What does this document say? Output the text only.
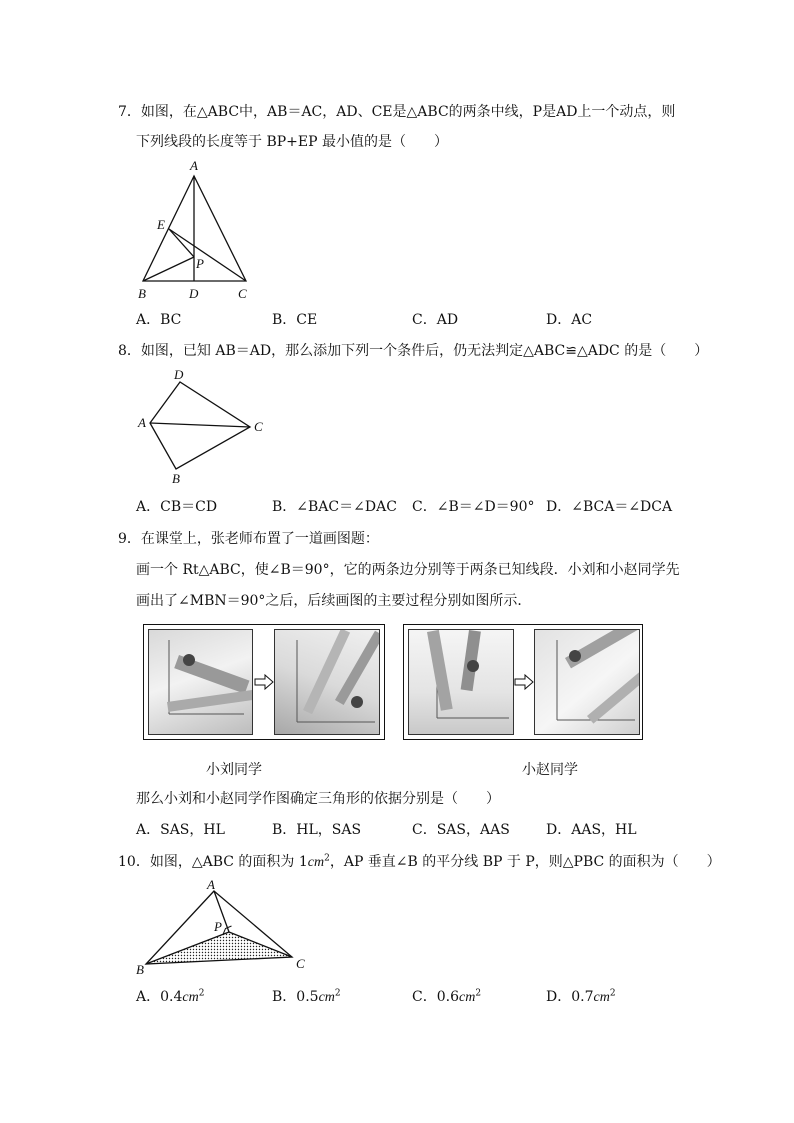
7．如图，在△ABC中，AB＝AC，AD、CE是△ABC的两条中线，P是AD上一个动点，则
下列线段的长度等于 BP+EP 最小值的是（　　）
A
E
P
B	D	C
A．BC	B．CE	C．AD	D．AC
8．如图，已知 AB＝AD，那么添加下列一个条件后，仍无法判定△ABC≌△ADC 的是（　　）
D
A	C
B
A．CB＝CD	B．∠BAC＝∠DAC C．∠B＝∠D＝90° D．∠BCA＝∠DCA
9．在课堂上，张老师布置了一道画图题：
画一个 Rt△ABC，使∠B＝90°，它的两条边分别等于两条已知线段．小刘和小赵同学先
画出了∠MBN＝90°之后，后续画图的主要过程分别如图所示．
小刘同学	小赵同学
那么小刘和小赵同学作图确定三角形的依据分别是（　　）
A．SAS，HL	B．HL，SAS	C．SAS，AAS	D．AAS，HL
10．如图，△ABC 的面积为 $1cm^2$，AP 垂直∠B 的平分线 BP 于 P，则△PBC 的面积为（　　）
A
P
B	C
A．$0.4cm^2$	B．$0.5cm^2$	C．$0.6cm^2$	D．$0.7cm^2$
